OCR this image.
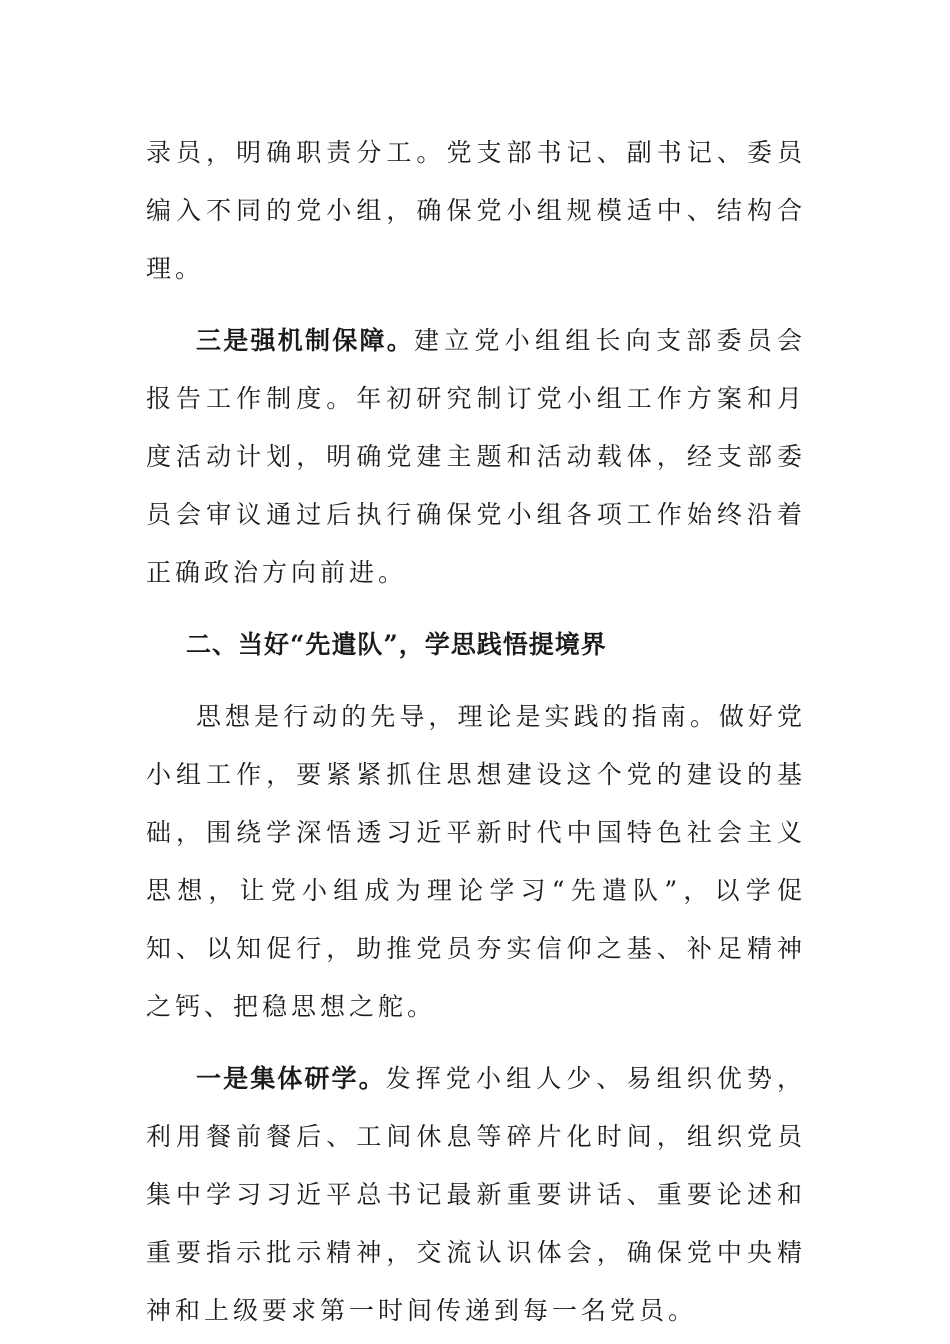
录员，明确职责分工。党支部书记、副书记、委员编入不同的党小组，确保党小组规模适中、结构合理。

三是强机制保障。建立党小组组长向支部委员会报告工作制度。年初研究制订党小组工作方案和月度活动计划，明确党建主题和活动载体，经支部委员会审议通过后执行确保党小组各项工作始终沿着正确政治方向前进。

二、当好“先遣队”，学思践悟提境界

思想是行动的先导，理论是实践的指南。做好党小组工作，要紧紧抓住思想建设这个党的建设的基础，围绕学深悟透习近平新时代中国特色社会主义思想，让党小组成为理论学习“先遣队”，以学促知、以知促行，助推党员夯实信仰之基、补足精神之钙、把稳思想之舵。

一是集体研学。发挥党小组人少、易组织优势，利用餐前餐后、工间休息等碎片化时间，组织党员集中学习习近平总书记最新重要讲话、重要论述和重要指示批示精神，交流认识体会，确保党中央精神和上级要求第一时间传递到每一名党员。
